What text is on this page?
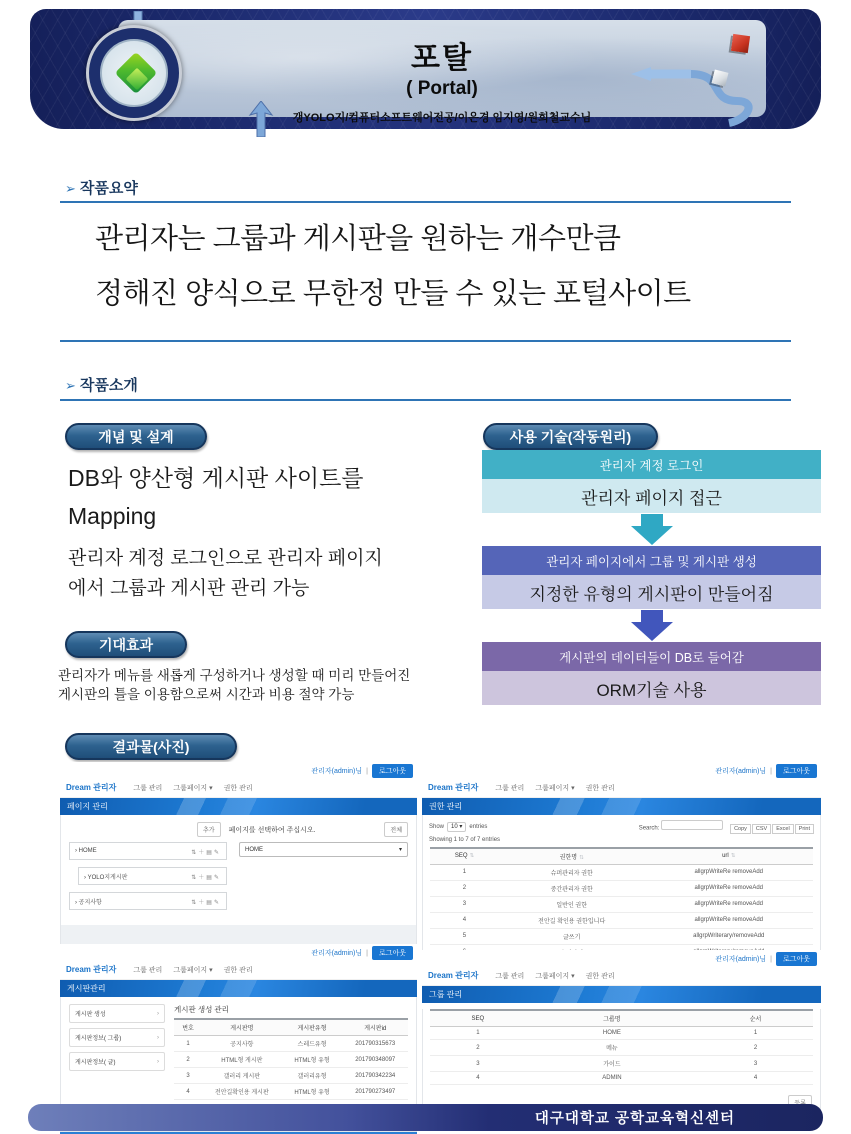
포탈
( Portal)
갱YOLO지/컴퓨터소프트웨어전공/이은경 임지영/원희철교수님
➢ 작품요약
관리자는 그룹과 게시판을 원하는 개수만큼
정해진 양식으로 무한정 만들 수 있는 포털사이트
➢ 작품소개
개념 및 설계
DB와 양산형 게시판 사이트를
Mapping
관리자 계정 로그인으로 관리자 페이지
에서 그룹과 게시판 관리 가능
기대효과
관리자가 메뉴를 새롭게 구성하거나 생성할 때 미리 만들어진
게시판의 틀을 이용함으로써 시간과 비용 절약 가능
결과물(사진)
사용 기술(작동원리)
관리자 계정 로그인
관리자 페이지 접근
관리자 페이지에서 그룹 및 게시판 생성
지정한 유형의 게시판이 만들어짐
게시판의 데이터들이 DB로 들어감
ORM기술 사용
관리자(admin)님 |	로그아웃
Dream 관리자 그룹 관리 그룹페이지 ▾ 권한 관리
페이지 관리
추가	페이지를 선택하여 주십시오.	전체
› HOME	⇅＋▤✎
› YOLO지게시판	⇅＋▤✎
› 공지사항	⇅＋▤✎
HOME	▾
관리자(admin)님 |	로그아웃
Dream 관리자 그룹 관리 그룹페이지 ▾ 권한 관리
권한 관리
Show 10 ▾ entries	Search:	Copy CSV Excel Print
Showing 1 to 7 of 7 entries
SEQ ⇅	권한명 ⇅	url ⇅
1	슈퍼관리자 권한	allgrpWriteRe removeAdd
2	중간관리자 권한	allgrpWriteRe removeAdd
3	일반인 권한	allgrpWriteRe removeAdd
4	전안길 확인용 권한입니다	allgrpWriteRe removeAdd
5	글쓰기	allgrpWriterary/removeAdd

관리자(admin)님 |	로그아웃
Dream 관리자 그룹 관리 그룹페이지 ▾ 권한 관리
게시판관리
게시판 생성	›
게시판정보( 그룹)	›
게시판정보( 글)	›
게시판 생성 관리
번호	게시판명	게시판유형	게시판id
1	공지사항	스레드유형	201790315673
2	HTML형 게시판	HTML형 유형	201790348097
3	갤러리 게시판	갤러리유형	201790342234
4	전안길확인용 게시판	HTML형 유형	201790273497
관리자(admin)님 |	로그아웃
Dream 관리자 그룹 관리 그룹페이지 ▾ 권한 관리
그룹 관리
SEQ	그룹명	순서
1	HOME	1
2	메뉴	2
3	가이드	3
4	ADMIN	4
대구대학교 공학교육혁신센터
